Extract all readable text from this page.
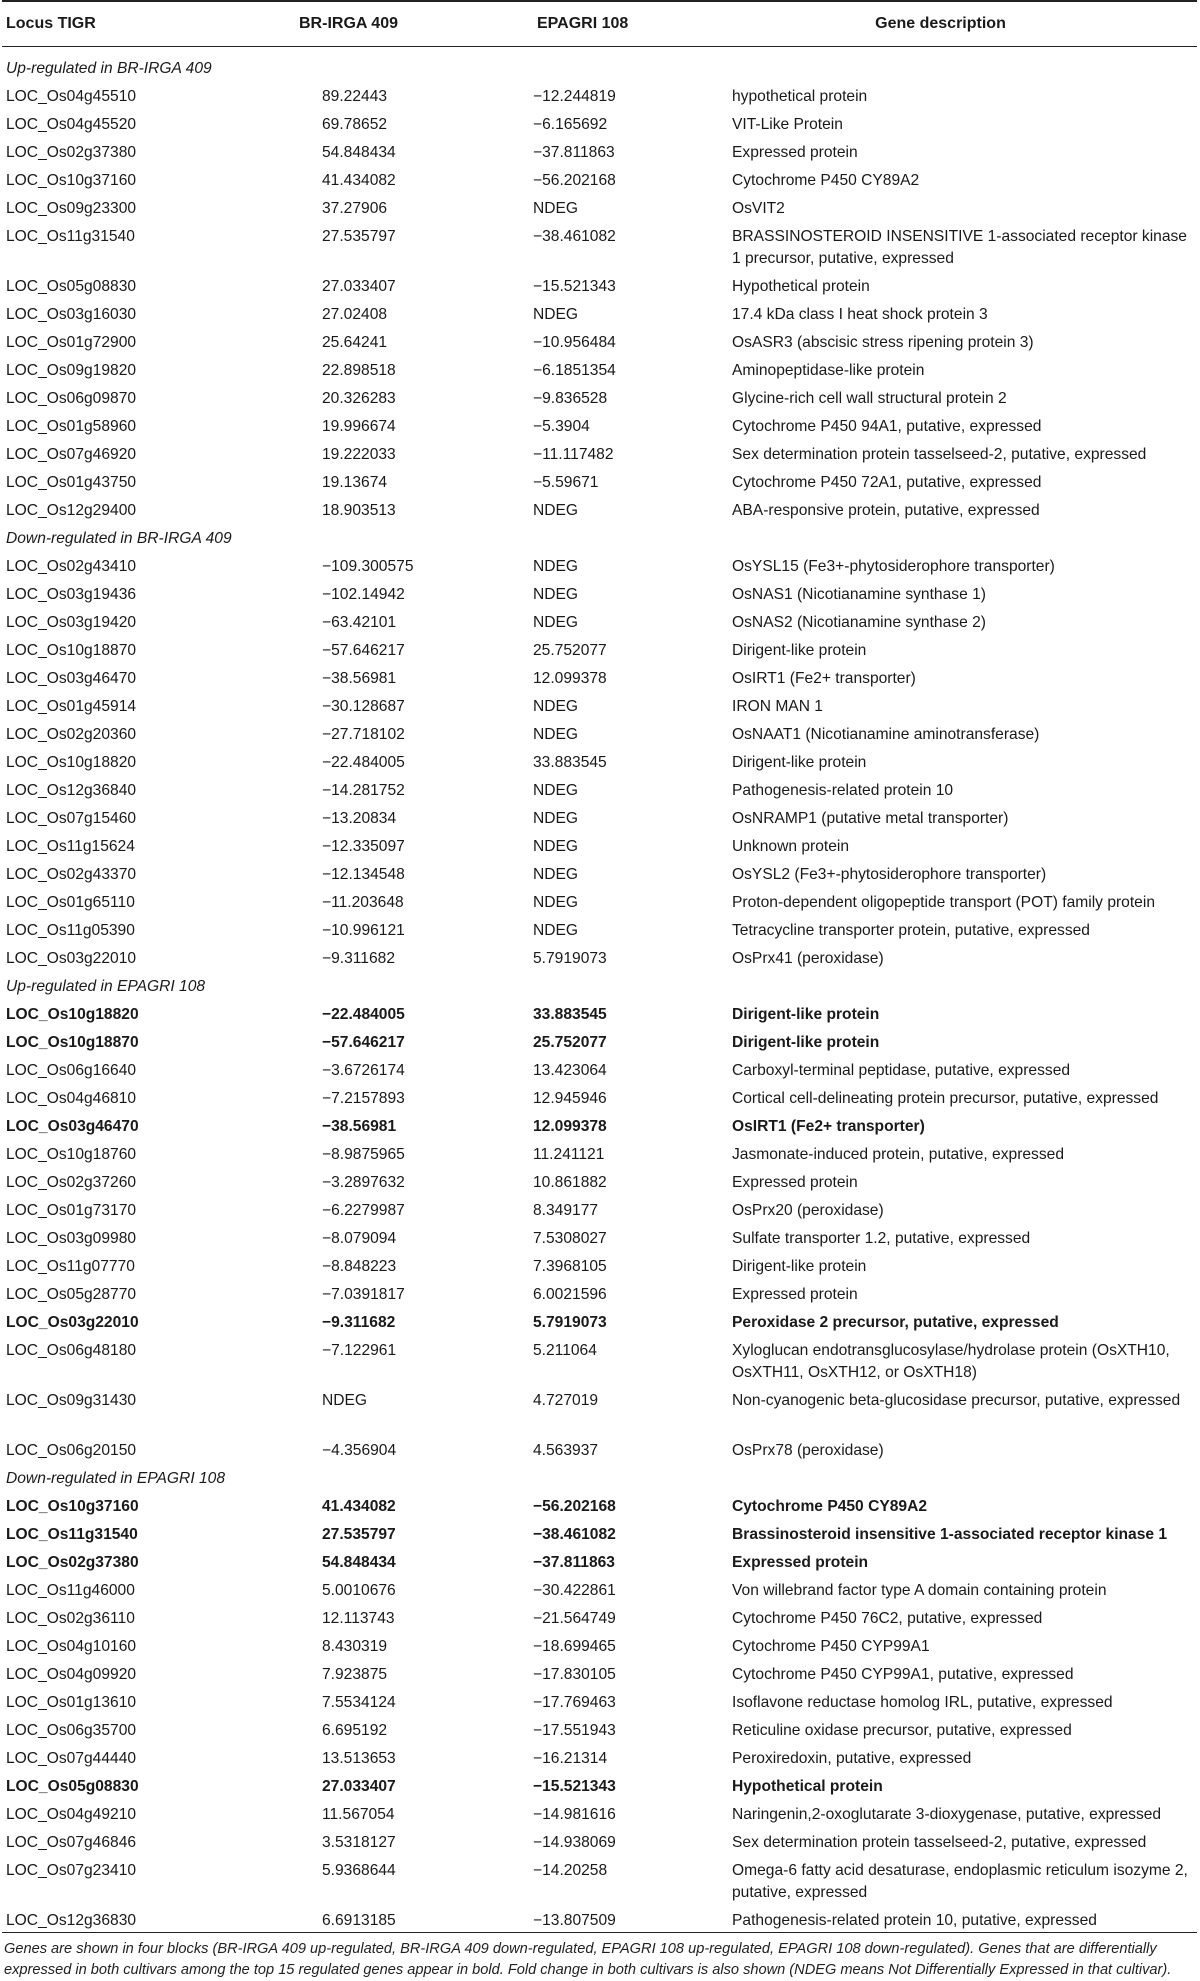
Locus TIGR	BR-IRGA 409	EPAGRI 108	Gene description
Up-regulated in BR-IRGA 409			
LOC_Os04g45510	89.22443	−12.244819	hypothetical protein
LOC_Os04g45520	69.78652	−6.165692	VIT-Like Protein
LOC_Os02g37380	54.848434	−37.811863	Expressed protein
LOC_Os10g37160	41.434082	−56.202168	Cytochrome P450 CY89A2
LOC_Os09g23300	37.27906	NDEG	OsVIT2
LOC_Os11g31540	27.535797	−38.461082	BRASSINOSTEROID INSENSITIVE 1-associated receptor kinase 1 precursor, putative, expressed
LOC_Os05g08830	27.033407	−15.521343	Hypothetical protein
LOC_Os03g16030	27.02408	NDEG	17.4 kDa class I heat shock protein 3
LOC_Os01g72900	25.64241	−10.956484	OsASR3 (abscisic stress ripening protein 3)
LOC_Os09g19820	22.898518	−6.1851354	Aminopeptidase-like protein
LOC_Os06g09870	20.326283	−9.836528	Glycine-rich cell wall structural protein 2
LOC_Os01g58960	19.996674	−5.3904	Cytochrome P450 94A1, putative, expressed
LOC_Os07g46920	19.222033	−11.117482	Sex determination protein tasselseed-2, putative, expressed
LOC_Os01g43750	19.13674	−5.59671	Cytochrome P450 72A1, putative, expressed
LOC_Os12g29400	18.903513	NDEG	ABA-responsive protein, putative, expressed
Down-regulated in BR-IRGA 409			
LOC_Os02g43410	−109.300575	NDEG	OsYSL15 (Fe3+-phytosiderophore transporter)
LOC_Os03g19436	−102.14942	NDEG	OsNAS1 (Nicotianamine synthase 1)
LOC_Os03g19420	−63.42101	NDEG	OsNAS2 (Nicotianamine synthase 2)
LOC_Os10g18870	−57.646217	25.752077	Dirigent-like protein
LOC_Os03g46470	−38.56981	12.099378	OsIRT1 (Fe2+ transporter)
LOC_Os01g45914	−30.128687	NDEG	IRON MAN 1
LOC_Os02g20360	−27.718102	NDEG	OsNAAT1 (Nicotianamine aminotransferase)
LOC_Os10g18820	−22.484005	33.883545	Dirigent-like protein
LOC_Os12g36840	−14.281752	NDEG	Pathogenesis-related protein 10
LOC_Os07g15460	−13.20834	NDEG	OsNRAMP1 (putative metal transporter)
LOC_Os11g15624	−12.335097	NDEG	Unknown protein
LOC_Os02g43370	−12.134548	NDEG	OsYSL2 (Fe3+-phytosiderophore transporter)
LOC_Os01g65110	−11.203648	NDEG	Proton-dependent oligopeptide transport (POT) family protein
LOC_Os11g05390	−10.996121	NDEG	Tetracycline transporter protein, putative, expressed
LOC_Os03g22010	−9.311682	5.7919073	OsPrx41 (peroxidase)
Up-regulated in EPAGRI 108			
LOC_Os10g18820	−22.484005	33.883545	Dirigent-like protein
LOC_Os10g18870	−57.646217	25.752077	Dirigent-like protein
LOC_Os06g16640	−3.6726174	13.423064	Carboxyl-terminal peptidase, putative, expressed
LOC_Os04g46810	−7.2157893	12.945946	Cortical cell-delineating protein precursor, putative, expressed
LOC_Os03g46470	−38.56981	12.099378	OsIRT1 (Fe2+ transporter)
LOC_Os10g18760	−8.9875965	11.241121	Jasmonate-induced protein, putative, expressed
LOC_Os02g37260	−3.2897632	10.861882	Expressed protein
LOC_Os01g73170	−6.2279987	8.349177	OsPrx20 (peroxidase)
LOC_Os03g09980	−8.079094	7.5308027	Sulfate transporter 1.2, putative, expressed
LOC_Os11g07770	−8.848223	7.3968105	Dirigent-like protein
LOC_Os05g28770	−7.0391817	6.0021596	Expressed protein
LOC_Os03g22010	−9.311682	5.7919073	Peroxidase 2 precursor, putative, expressed
LOC_Os06g48180	−7.122961	5.211064	Xyloglucan endotransglucosylase/hydrolase protein (OsXTH10, OsXTH11, OsXTH12, or OsXTH18)
LOC_Os09g31430	NDEG	4.727019	Non-cyanogenic beta-glucosidase precursor, putative, expressed
LOC_Os06g20150	−4.356904	4.563937	OsPrx78 (peroxidase)
Down-regulated in EPAGRI 108			
LOC_Os10g37160	41.434082	−56.202168	Cytochrome P450 CY89A2
LOC_Os11g31540	27.535797	−38.461082	Brassinosteroid insensitive 1-associated receptor kinase 1
LOC_Os02g37380	54.848434	−37.811863	Expressed protein
LOC_Os11g46000	5.0010676	−30.422861	Von willebrand factor type A domain containing protein
LOC_Os02g36110	12.113743	−21.564749	Cytochrome P450 76C2, putative, expressed
LOC_Os04g10160	8.430319	−18.699465	Cytochrome P450 CYP99A1
LOC_Os04g09920	7.923875	−17.830105	Cytochrome P450 CYP99A1, putative, expressed
LOC_Os01g13610	7.5534124	−17.769463	Isoflavone reductase homolog IRL, putative, expressed
LOC_Os06g35700	6.695192	−17.551943	Reticuline oxidase precursor, putative, expressed
LOC_Os07g44440	13.513653	−16.21314	Peroxiredoxin, putative, expressed
LOC_Os05g08830	27.033407	−15.521343	Hypothetical protein
LOC_Os04g49210	11.567054	−14.981616	Naringenin,2-oxoglutarate 3-dioxygenase, putative, expressed
LOC_Os07g46846	3.5318127	−14.938069	Sex determination protein tasselseed-2, putative, expressed
LOC_Os07g23410	5.9368644	−14.20258	Omega-6 fatty acid desaturase, endoplasmic reticulum isozyme 2, putative, expressed
LOC_Os12g36830	6.6913185	−13.807509	Pathogenesis-related protein 10, putative, expressed

Genes are shown in four blocks (BR-IRGA 409 up-regulated, BR-IRGA 409 down-regulated, EPAGRI 108 up-regulated, EPAGRI 108 down-regulated). Genes that are differentially expressed in both cultivars among the top 15 regulated genes appear in bold. Fold change in both cultivars is also shown (NDEG means Not Differentially Expressed in that cultivar).
